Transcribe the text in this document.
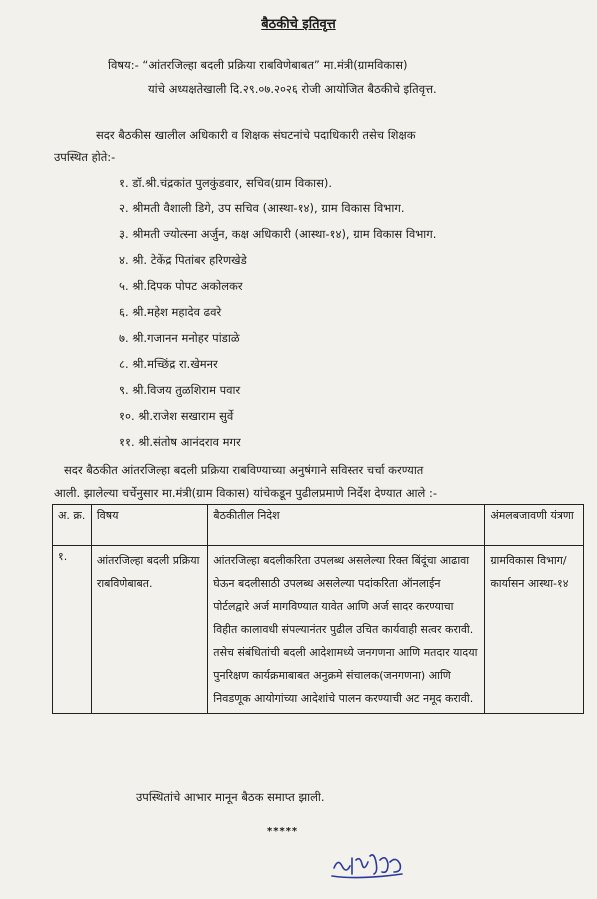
बैठकीचे इतिवृत्त
विषय:- “आंतरजिल्हा बदली प्रक्रिया राबविणेबाबत” मा.मंत्री(ग्रामविकास)
यांचे अध्यक्षतेखाली दि.२९.०७.२०२६ रोजी आयोजित बैठकीचे इतिवृत्त.
सदर बैठकीस खालील अधिकारी व शिक्षक संघटनांचे पदाधिकारी तसेच शिक्षक
उपस्थित होते:-
१. डॉ.श्री.चंद्रकांत पुलकुंडवार, सचिव(ग्राम विकास).
२. श्रीमती वैशाली डिगे, उप सचिव (आस्था-१४), ग्राम विकास विभाग.
३. श्रीमती ज्योत्स्ना अर्जुन, कक्ष अधिकारी (आस्था-१४), ग्राम विकास विभाग.
४. श्री. टेकेंद्र पितांबर हरिणखेडे
५. श्री.दिपक पोपट अकोलकर
६. श्री.महेश महादेव ढवरे
७. श्री.गजानन मनोहर पांडाळे
८. श्री.मच्छिंद्र रा.खेमनर
९. श्री.विजय तुळशिराम पवार
१०. श्री.राजेश सखाराम सुर्वे
११. श्री.संतोष आनंदराव मगर
सदर बैठकीत आंतरजिल्हा बदली प्रक्रिया राबविण्याच्या अनुषंगाने सविस्तर चर्चा करण्यात
आली. झालेल्या चर्चेनुसार मा.मंत्री(ग्राम विकास) यांचेकडून पुढीलप्रमाणे निर्देश देण्यात आले :-
अ. क्र.	विषय	बैठकीतील निदेश	अंमलबजावणी यंत्रणा
१.	आंतरजिल्हा बदली प्रक्रिया राबविणेबाबत.	आंतरजिल्हा बदलीकरिता उपलब्ध असलेल्या रिक्त बिंदूंचा आढावा घेऊन बदलीसाठी उपलब्ध असलेल्या पदांकरिता ऑनलाईन पोर्टलद्वारे अर्ज मागविण्यात यावेत आणि अर्ज सादर करण्याचा विहीत कालावधी संपल्यानंतर पुढील उचित कार्यवाही सत्वर करावी. तसेच संबंधितांची बदली आदेशामध्ये जनगणना आणि मतदार यादया पुनरिक्षण कार्यक्रमाबाबत अनुक्रमे संचालक(जनगणना) आणि निवडणूक आयोगांच्या आदेशांचे पालन करण्याची अट नमूद करावी.	ग्रामविकास विभाग/कार्यासन आस्था-१४
उपस्थितांचे आभार मानून बैठक समाप्त झाली.
*****
